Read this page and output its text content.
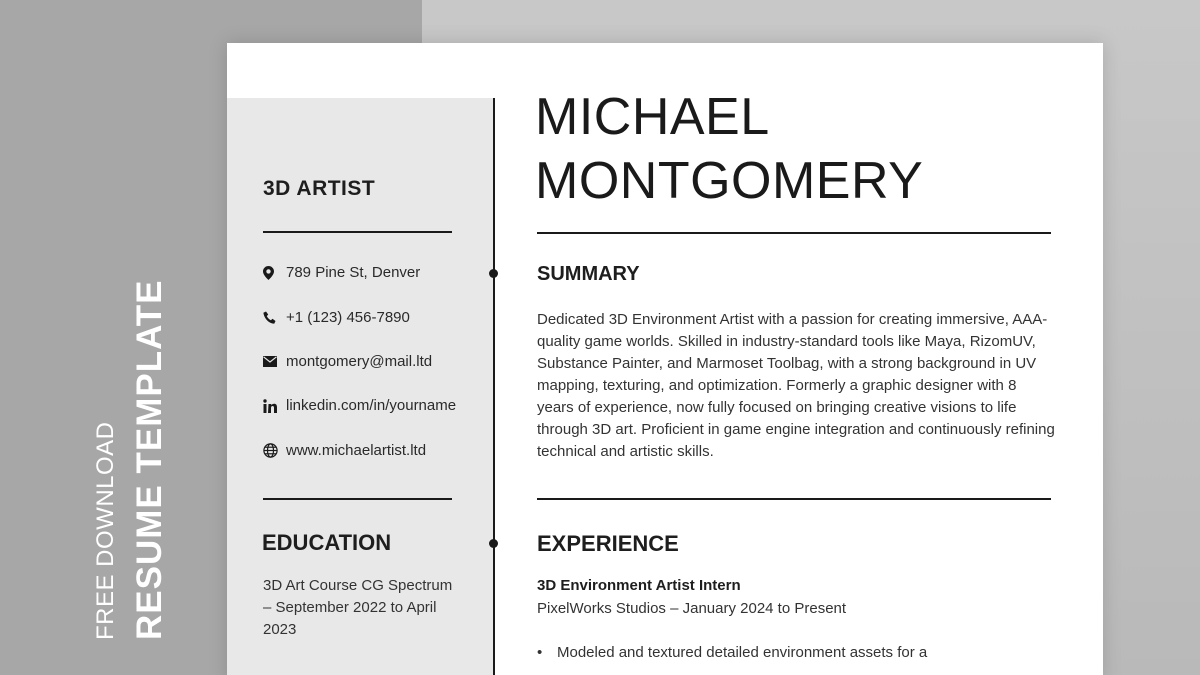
FREE DOWNLOAD RESUME TEMPLATE
3D ARTIST
789 Pine St, Denver
+1 (123) 456-7890
montgomery@mail.ltd
linkedin.com/in/yourname
www.michaelartist.ltd
EDUCATION
3D Art Course CG Spectrum – September 2022 to April 2023
MICHAEL
MONTGOMERY
SUMMARY
Dedicated 3D Environment Artist with a passion for creating immersive, AAA-quality game worlds. Skilled in industry-standard tools like Maya, RizomUV, Substance Painter, and Marmoset Toolbag, with a strong background in UV mapping, texturing, and optimization. Formerly a graphic designer with 8 years of experience, now fully focused on bringing creative visions to life through 3D art. Proficient in game engine integration and continuously refining technical and artistic skills.
EXPERIENCE
3D Environment Artist Intern
PixelWorks Studios – January 2024 to Present
• Modeled and textured detailed environment assets for a
